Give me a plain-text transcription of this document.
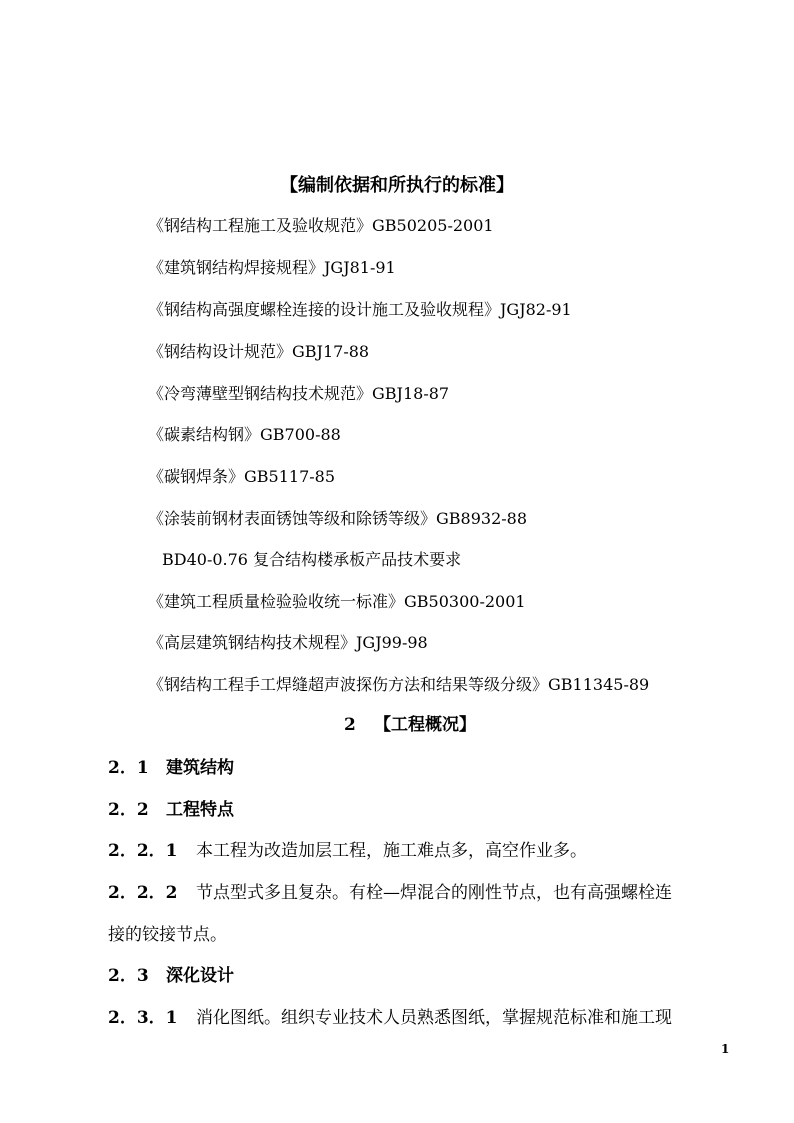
【编制依据和所执行的标准】
《钢结构工程施工及验收规范》GB50205-2001
《建筑钢结构焊接规程》JGJ81-91
《钢结构高强度螺栓连接的设计施工及验收规程》JGJ82-91
《钢结构设计规范》GBJ17-88
《冷弯薄壁型钢结构技术规范》GBJ18-87
《碳素结构钢》GB700-88
《碳钢焊条》GB5117-85
《涂装前钢材表面锈蚀等级和除锈等级》GB8932-88
BD40-0.76 复合结构楼承板产品技术要求
《建筑工程质量检验验收统一标准》GB50300-2001
《高层建筑钢结构技术规程》JGJ99-98
《钢结构工程手工焊缝超声波探伤方法和结果等级分级》GB11345-89
2 【工程概况】
2．1 建筑结构
2．2 工程特点
2．2．1 本工程为改造加层工程，施工难点多，高空作业多。
2．2．2 节点型式多且复杂。有栓—焊混合的刚性节点，也有高强螺栓连
接的铰接节点。
2．3 深化设计
2．3．1 消化图纸。组织专业技术人员熟悉图纸，掌握规范标准和施工现
1
